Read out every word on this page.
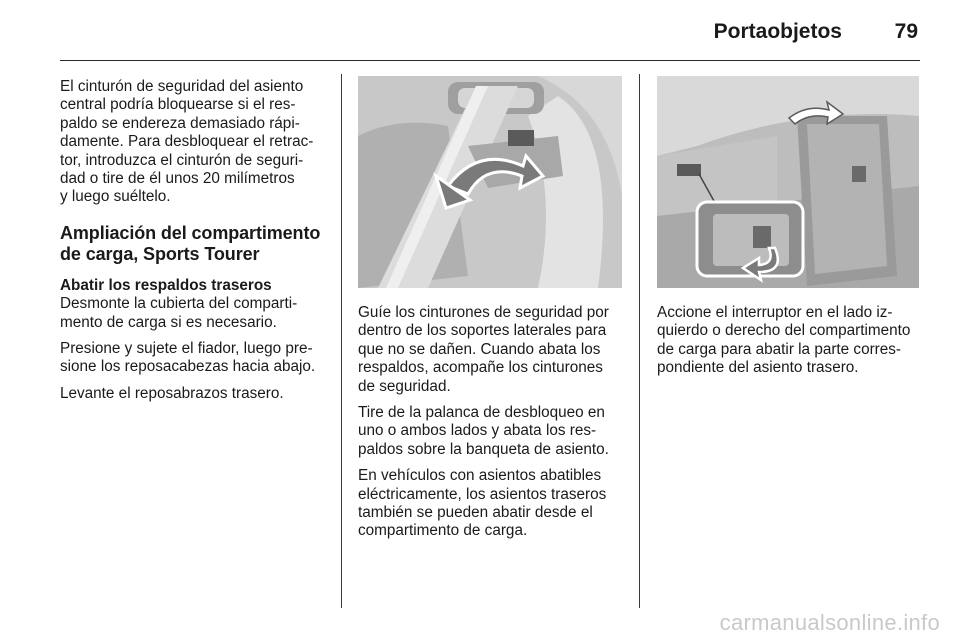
Portaobjetos	79

El cinturón de seguridad del asiento
central podría bloquearse si el res-
paldo se endereza demasiado rápi-
damente. Para desbloquear el retrac-
tor, introduzca el cinturón de seguri-
dad o tire de él unos 20 milímetros
y luego suéltelo.

Ampliación del compartimento
de carga, Sports Tourer
Abatir los respaldos traseros

Desmonte la cubierta del comparti-
mento de carga si es necesario.

Presione y sujete el fiador, luego pre-
sione los reposacabezas hacia abajo.

Levante el reposabrazos trasero.

Guíe los cinturones de seguridad por
dentro de los soportes laterales para
que no se dañen. Cuando abata los
respaldos, acompañe los cinturones
de seguridad.

Tire de la palanca de desbloqueo en
uno o ambos lados y abata los res-
paldos sobre la banqueta de asiento.

En vehículos con asientos abatibles
eléctricamente, los asientos traseros
también se pueden abatir desde el
compartimento de carga.

Accione el interruptor en el lado iz-
quierdo o derecho del compartimento
de carga para abatir la parte corres-
pondiente del asiento trasero.

carmanualsonline.info
